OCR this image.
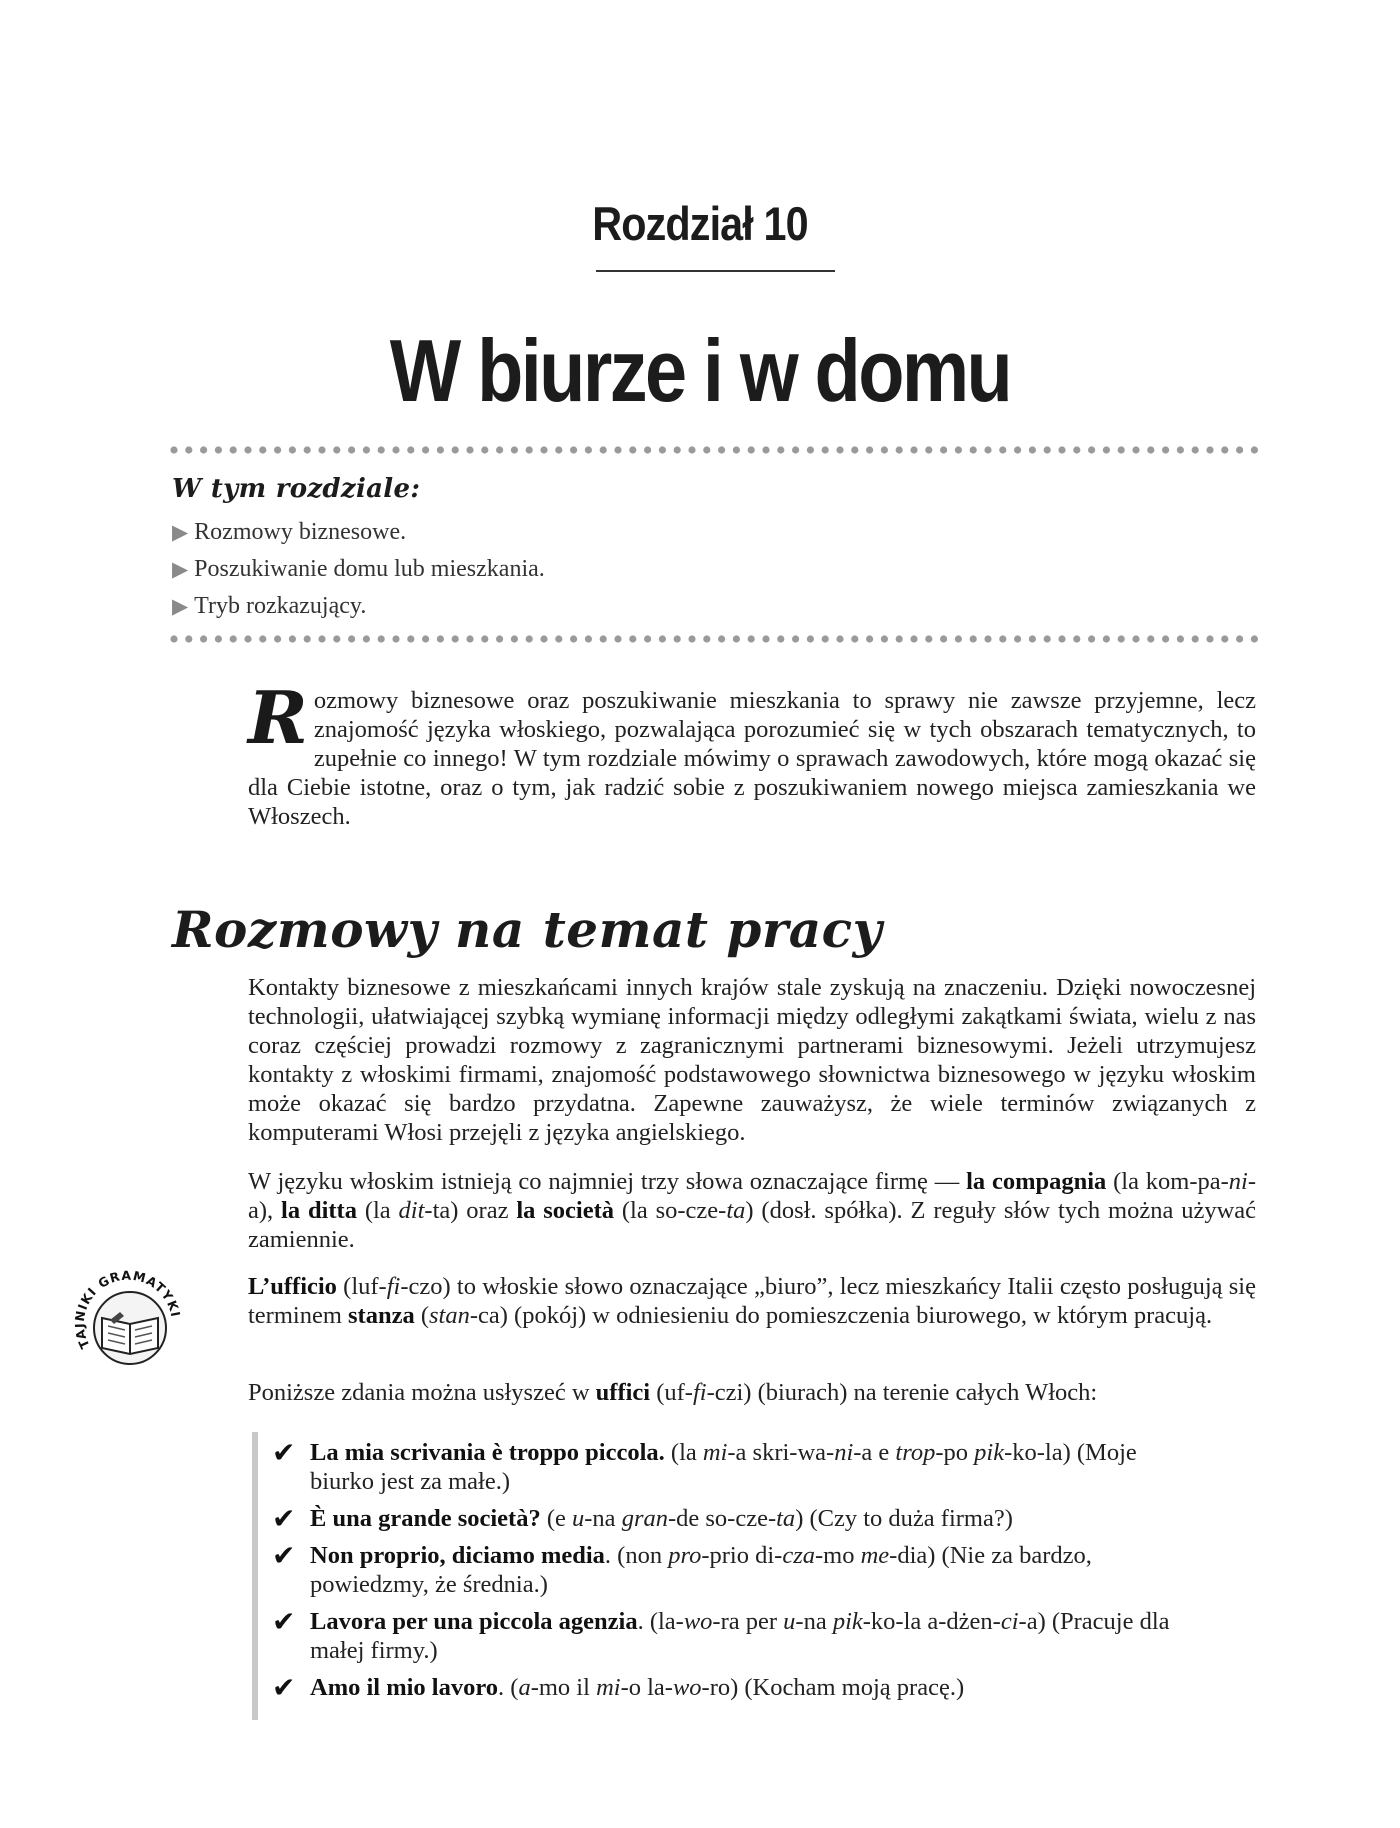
Rozdział 10
W biurze i w domu
W tym rozdziale:
▶ Rozmowy biznesowe.
▶ Poszukiwanie domu lub mieszkania.
▶ Tryb rozkazujący.
Rozmowy biznesowe oraz poszukiwanie mieszkania to sprawy nie zawsze przyjemne, lecz znajomość języka włoskiego, pozwalająca porozumieć się w tych obszarach tematycznych, to zupełnie co innego! W tym rozdziale mówimy o sprawach zawodowych, które mogą okazać się dla Ciebie istotne, oraz o tym, jak radzić sobie z poszukiwaniem nowego miejsca zamieszkania we Włoszech.
Rozmowy na temat pracy
Kontakty biznesowe z mieszkańcami innych krajów stale zyskują na znaczeniu. Dzięki nowoczesnej technologii, ułatwiającej szybką wymianę informacji między odległymi zakątkami świata, wielu z nas coraz częściej prowadzi rozmowy z zagranicznymi partnerami biznesowymi. Jeżeli utrzymujesz kontakty z włoskimi firmami, znajomość podstawowego słownictwa biznesowego w języku włoskim może okazać się bardzo przydatna. Zapewne zauważysz, że wiele terminów związanych z komputerami Włosi przejęli z języka angielskiego.
W języku włoskim istnieją co najmniej trzy słowa oznaczające firmę — la compagnia (la kom-pa-ni-a), la ditta (la dit-ta) oraz la società (la so-cze-ta) (dosł. spółka). Z reguły słów tych można używać zamiennie.
TAJNIKI GRAMATYKI
L’ufficio (luf-fi-czo) to włoskie słowo oznaczające „biuro”, lecz mieszkańcy Italii często posługują się terminem stanza (stan-ca) (pokój) w odniesieniu do pomieszczenia biurowego, w którym pracują.
Poniższe zdania można usłyszeć w uffici (uf-fi-czi) (biurach) na terenie całych Włoch:
✔ La mia scrivania è troppo piccola. (la mi-a skri-wa-ni-a e trop-po pik-ko-la) (Moje biurko jest za małe.)
✔ È una grande società? (e u-na gran-de so-cze-ta) (Czy to duża firma?)
✔ Non proprio, diciamo media. (non pro-prio di-cza-mo me-dia) (Nie za bardzo, powiedzmy, że średnia.)
✔ Lavora per una piccola agenzia. (la-wo-ra per u-na pik-ko-la a-dżen-ci-a) (Pracuje dla małej firmy.)
✔ Amo il mio lavoro. (a-mo il mi-o la-wo-ro) (Kocham moją pracę.)
